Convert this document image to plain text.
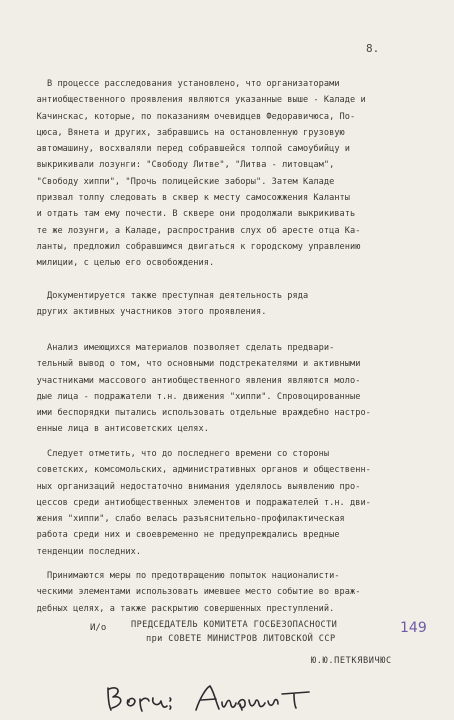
8.
В процессе расследования установлено, что организаторами
антиобщественного проявления являются указанные выше - Каладе и
Качинскас, которые, по показаниям очевидцев Федоравичюса, По-
цюса, Вянета и других, забравшись на остановленную грузовую
автомашину, восхваляли перед собравшейся толпой самоубийцу и
выкрикивали лозунги: "Свободу Литве", "Литва - литовцам",
"Свободу хиппи", "Прочь полицейские заборы". Затем Каладе
призвал толпу следовать в сквер к месту самосожжения Каланты
и отдать там ему почести. В сквере они продолжали выкрикивать
те же лозунги, а Каладе, распространив слух об аресте отца Ка-
ланты, предложил собравшимся двигаться к городскому управлению
милиции, с целью его освобождения.
Документируется также преступная деятельность ряда
других активных участников этого проявления.
Анализ имеющихся материалов позволяет сделать предвари-
тельный вывод о том, что основными подстрекателями и активными
участниками массового антиобщественного явления являются моло-
дые лица - подражатели т.н. движения "хиппи". Спровоцированные
ими беспорядки пытались использовать отдельные враждебно настро-
енные лица в антисоветских целях.
Следует отметить, что до последнего времени со стороны
советских, комсомольских, административных органов и общественн-
ных организаций недостаточно внимания уделялось выявлению про-
цессов среди антиобщественных элементов и подражателей т.н. дви-
жения "хиппи", слабо велась разъяснительно-профилактическая
работа среди них и своевременно не предупреждались вредные
тенденции последних.
Принимаются меры по предотвращению попыток националисти-
ческими элементами использовать имевшее место событие во враж-
дебных целях, а также раскрытию совершенных преступлений.
И/о	ПРЕДСЕДАТЕЛЬ КОМИТЕТА ГОСБЕЗОПАСНОСТИ
при СОВЕТЕ МИНИСТРОВ ЛИТОВСКОЙ ССР
149
Ю.Ю.ПЕТКЯВИЧЮС
